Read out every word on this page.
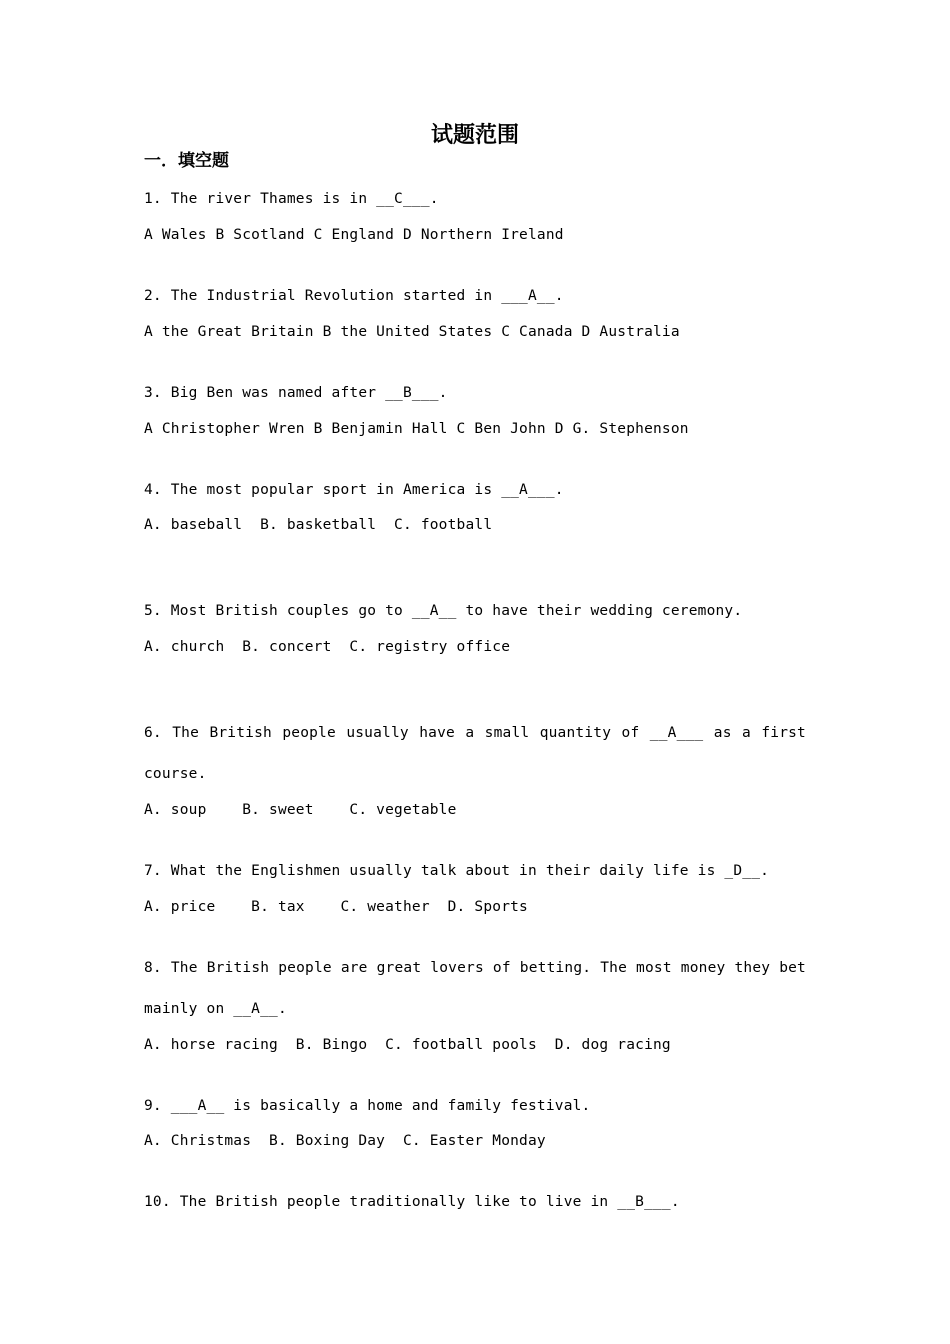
试题范围
一．填空题
1. The river Thames is in __C___.
A Wales B Scotland C England D Northern Ireland
2. The Industrial Revolution started in ___A__.
A the Great Britain B the United States C Canada D Australia
3. Big Ben was named after __B___.
A Christopher Wren B Benjamin Hall C Ben John D G. Stephenson
4. The most popular sport in America is __A___.
A. baseball  B. basketball  C. football
5. Most British couples go to __A__ to have their wedding ceremony.
A. church  B. concert  C. registry office
6. The British people usually have a small quantity of __A___ as a first
course.
A. soup    B. sweet    C. vegetable
7. What the Englishmen usually talk about in their daily life is _D__.
A. price    B. tax    C. weather  D. Sports
8. The British people are great lovers of betting. The most money they bet
mainly on __A__.
A. horse racing  B. Bingo  C. football pools  D. dog racing
9. ___A__ is basically a home and family festival.
A. Christmas  B. Boxing Day  C. Easter Monday
10. The British people traditionally like to live in __B___.
